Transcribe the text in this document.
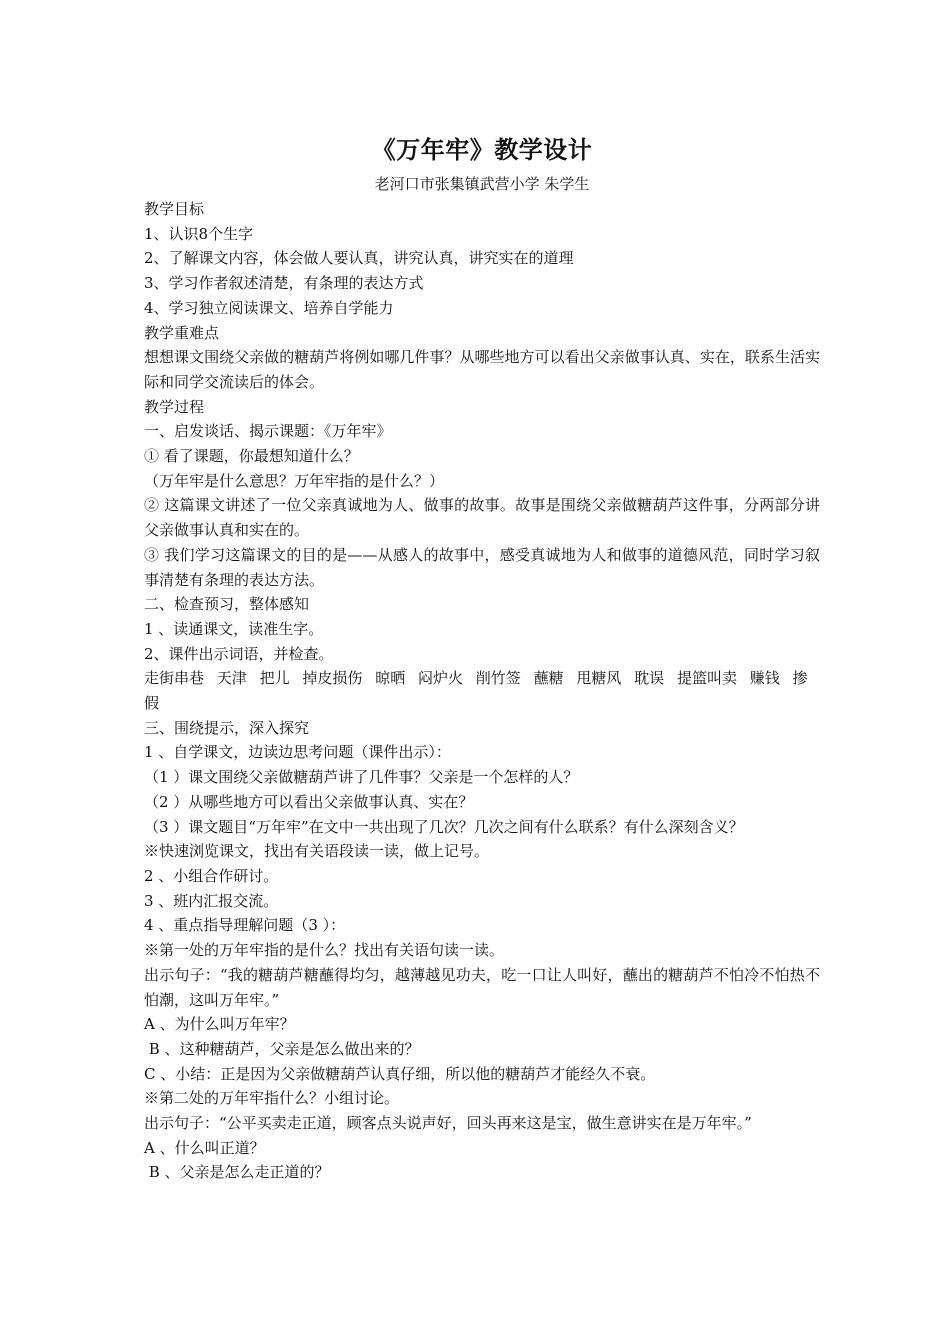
《万年牢》教学设计

老河口市张集镇武营小学 朱学生

教学目标

1、认识8个生字

2、了解课文内容，体会做人要认真，讲究认真，讲究实在的道理

3、学习作者叙述清楚，有条理的表达方式

4、学习独立阅读课文、培养自学能力

教学重难点

想想课文围绕父亲做的糖葫芦将例如哪几件事？从哪些地方可以看出父亲做事认真、实在，联系生活实际和同学交流读后的体会。

教学过程

一、启发谈话、揭示课题：《万年牢》

① 看了课题，你最想知道什么？

（万年牢是什么意思？万年牢指的是什么？）

② 这篇课文讲述了一位父亲真诚地为人、做事的故事。故事是围绕父亲做糖葫芦这件事，分两部分讲父亲做事认真和实在的。

③ 我们学习这篇课文的目的是——从感人的故事中，感受真诚地为人和做事的道德风范，同时学习叙事清楚有条理的表达方法。

二、检查预习，整体感知

1 、读通课文，读准生字。

2、课件出示词语，并检查。

走街串巷 天津 把儿 掉皮损伤 晾晒 闷炉火 削竹签 蘸糖 甩糖风 耽误 提篮叫卖 赚钱 掺假

三、围绕提示，深入探究

1 、自学课文，边读边思考问题（课件出示）：

（1 ）课文围绕父亲做糖葫芦讲了几件事？父亲是一个怎样的人？

（2 ）从哪些地方可以看出父亲做事认真、实在？

（3 ）课文题目“万年牢”在文中一共出现了几次？几次之间有什么联系？有什么深刻含义？

※快速浏览课文，找出有关语段读一读，做上记号。

2 、小组合作研讨。

3 、班内汇报交流。

4 、重点指导理解问题（3 ）：

※第一处的万年牢指的是什么？找出有关语句读一读。

出示句子：“我的糖葫芦糖蘸得均匀，越薄越见功夫，吃一口让人叫好，蘸出的糖葫芦不怕冷不怕热不怕潮，这叫万年牢。”

A 、为什么叫万年牢？

B 、这种糖葫芦，父亲是怎么做出来的？

C 、小结：正是因为父亲做糖葫芦认真仔细，所以他的糖葫芦才能经久不衰。

※第二处的万年牢指什么？小组讨论。

出示句子：“公平买卖走正道，顾客点头说声好，回头再来这是宝，做生意讲实在是万年牢。”

A 、什么叫正道？

B 、父亲是怎么走正道的？
